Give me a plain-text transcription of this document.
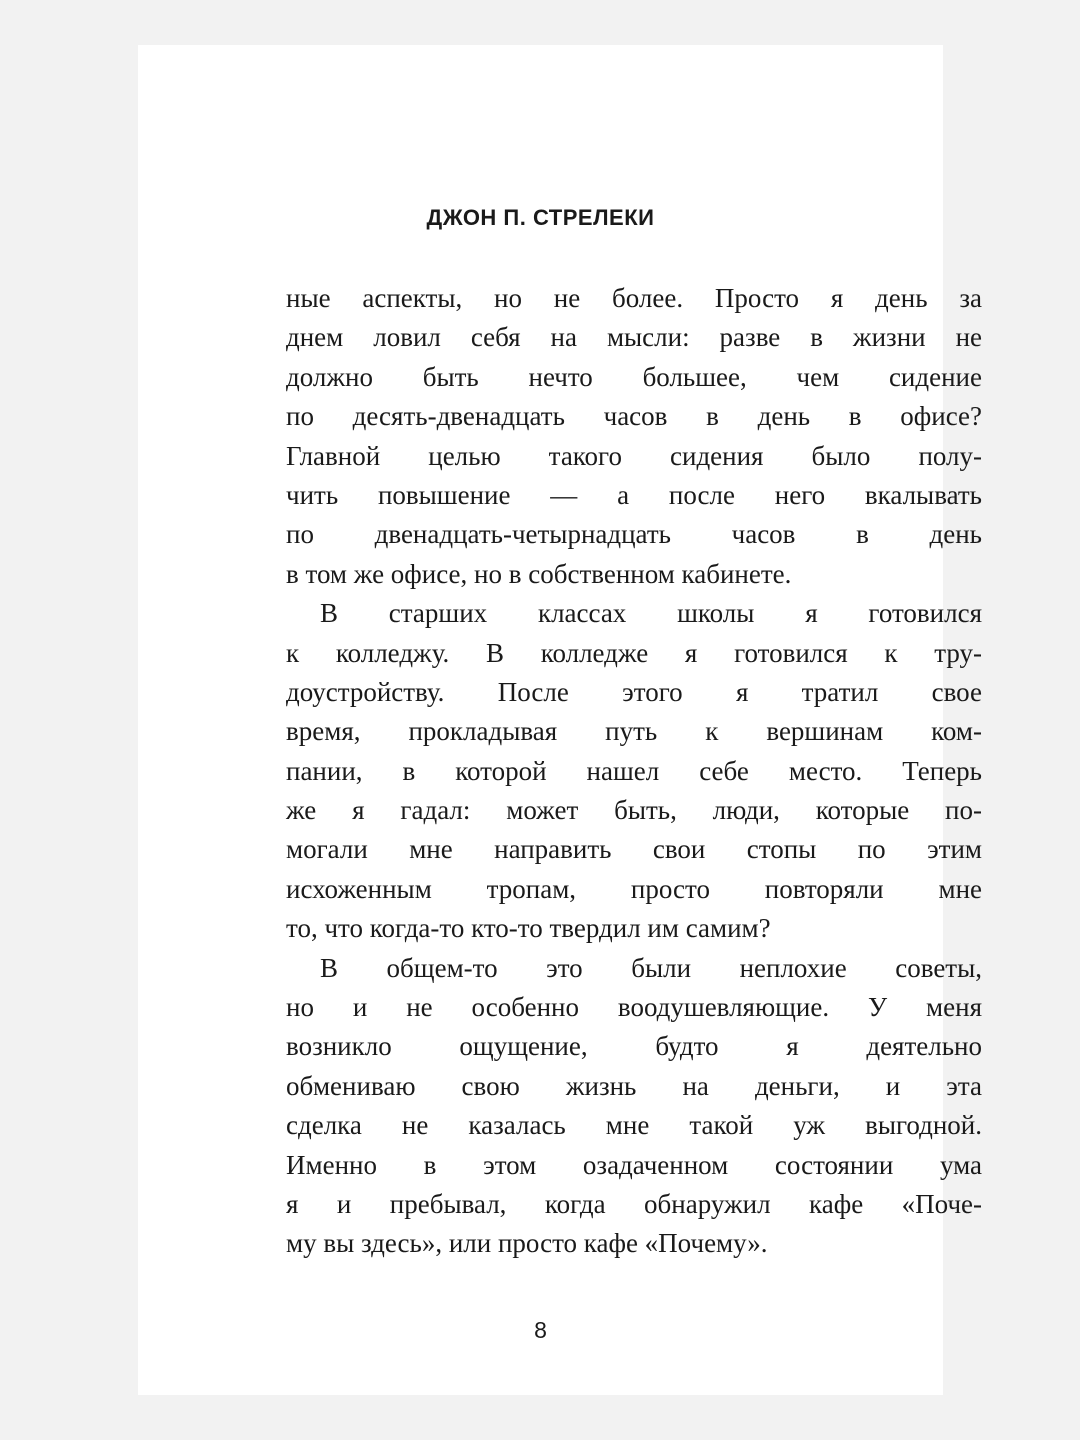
ДЖОН П. СТРЕЛЕКИ
ные аспекты, но не более. Просто я день за
днем ловил себя на мысли: разве в жизни не
должно быть нечто большее, чем сидение
по десять-двенадцать часов в день в офисе?
Главной целью такого сидения было полу-
чить повышение — а после него вкалывать
по двенадцать-четырнадцать часов в день
в том же офисе, но в собственном кабинете.
В старших классах школы я готовился
к колледжу. В колледже я готовился к тру-
доустройству. После этого я тратил свое
время, прокладывая путь к вершинам ком-
пании, в которой нашел себе место. Теперь
же я гадал: может быть, люди, которые по-
могали мне направить свои стопы по этим
исхоженным тропам, просто повторяли мне
то, что когда-то кто-то твердил им самим?
В общем-то это были неплохие советы,
но и не особенно воодушевляющие. У меня
возникло ощущение, будто я деятельно
обмениваю свою жизнь на деньги, и эта
сделка не казалась мне такой уж выгодной.
Именно в этом озадаченном состоянии ума
я и пребывал, когда обнаружил кафе «Поче-
му вы здесь», или просто кафе «Почему».
8
